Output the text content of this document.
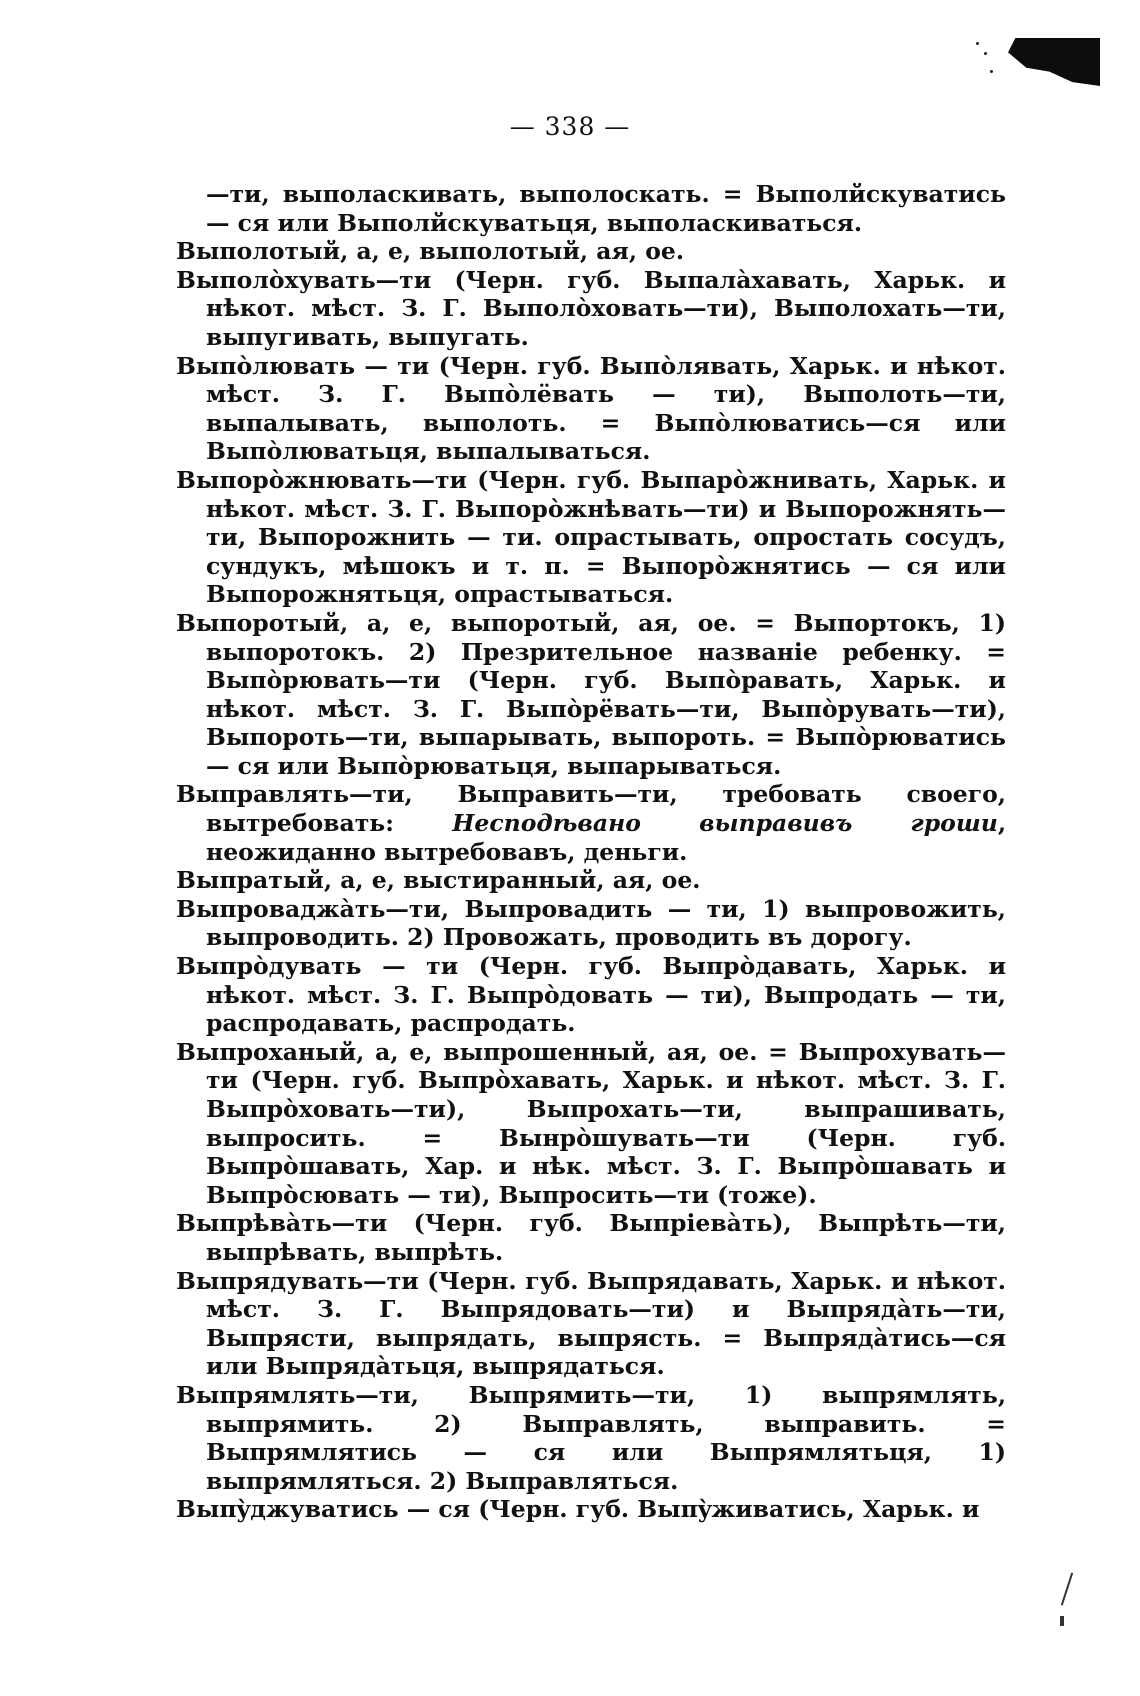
— 338 —

—ти, выполаскивать, выполоскать. = Выполйскуватись — ся или Выполйскуватьця, выполаскиваться.

Выполотый, а, е, выполотый, ая, ое.

Выполòхувать—ти (Черн. губ. Выпалàхавать, Харьк. и нѣкот. мѣст. З. Г. Выполòховать—ти), Выполохать—ти, выпугивать, выпугать.

Выпòлювать — ти (Черн. губ. Выпòлявать, Харьк. и нѣкот. мѣст. З. Г. Выпòлёвать — ти), Выполоть—ти, выпалывать, выполоть. = Выпòлюватись—ся или Выпòлюватьця, выпалываться.

Выпорòжнювать—ти (Черн. губ. Выпарòжнивать, Харьк. и нѣкот. мѣст. З. Г. Выпорòжнѣвать—ти) и Выпорожнять—ти, Выпорожнить — ти. опрастывать, опростать сосудъ, сундукъ, мѣшокъ и т. п. = Выпорòжнятись — ся или Выпорожнятьця, опрастываться.

Выпоротый, а, е, выпоротый, ая, ое. = Выпортокъ, 1) выпоротокъ. 2) Презрительное названіе ребенку. = Выпòрювать—ти (Черн. губ. Выпòравать, Харьк. и нѣкот. мѣст. З. Г. Выпòрёвать—ти, Выпòрувать—ти), Выпороть—ти, выпарывать, выпороть. = Выпòрюватись — ся или Выпòрюватьця, выпарываться.

Выправлять—ти, Выправить—ти, требовать своего, вытребовать: Несподѣвано выправивъ гроши, неожиданно вытребовавъ, деньги.

Выпратый, а, е, выстиранный, ая, ое.

Выпроваджàть—ти, Выпровадить — ти, 1) выпровожить, выпроводить. 2) Провожать, проводить въ дорогу.

Выпрòдувать — ти (Черн. губ. Выпрòдавать, Харьк. и нѣкот. мѣст. З. Г. Выпрòдовать — ти), Выпродать — ти, распродавать, распродать.

Выпроханый, а, е, выпрошенный, ая, ое. = Выпрохувать—ти (Черн. губ. Выпрòхавать, Харьк. и нѣкот. мѣст. З. Г. Выпрòховать—ти), Выпрохать—ти, выпрашивать, выпросить. = Вынрòшувать—ти (Черн. губ. Выпрòшавать, Хар. и нѣк. мѣст. З. Г. Выпрòшавать и Выпрòсювать — ти), Выпросить—ти (тоже).

Выпрѣвàть—ти (Черн. губ. Выпріевàть), Выпрѣть—ти, выпрѣвать, выпрѣть.

Выпрядувать—ти (Черн. губ. Выпрядавать, Харьк. и нѣкот. мѣст. З. Г. Выпрядовать—ти) и Выпрядàть—ти, Выпрясти, выпрядать, выпрясть. = Выпрядàтись—ся или Выпрядàтьця, выпрядаться.

Выпрямлять—ти, Выпрямить—ти, 1) выпрямлять, выпрямить. 2) Выправлять, выправить. = Выпрямлятись — ся или Выпрямлятьця, 1) выпрямляться. 2) Выправляться.

Выпỳджуватись — ся (Черн. губ. Выпỳживатись, Харьк. и
